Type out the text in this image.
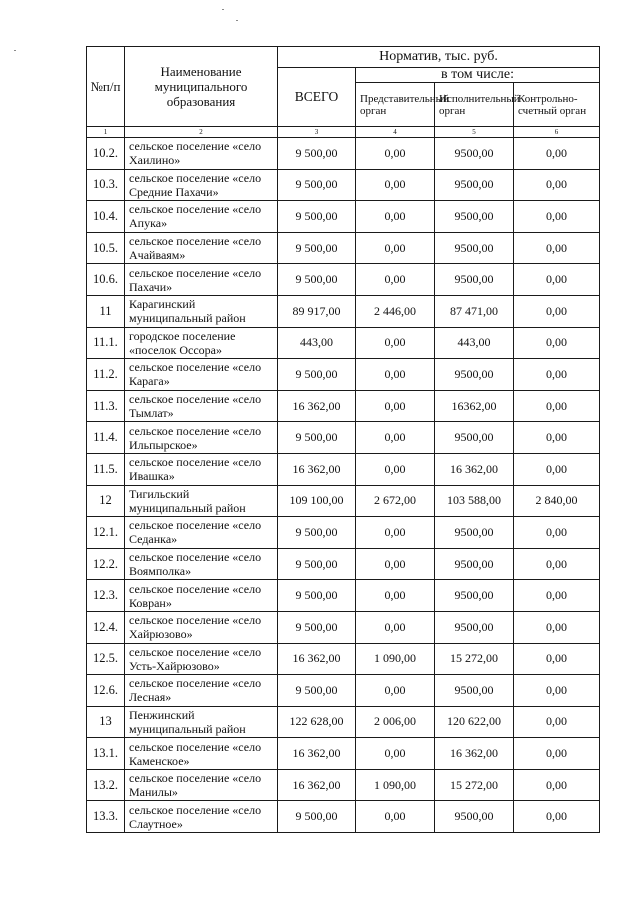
№п/п	Наименование муниципального образования	Норматив, тыс. руб.			
		ВСЕГО	в том числе:		
			Представительный орган	Исполнительный орган	Контрольно-счетный орган
1	2	3	4	5	6
10.2.	сельское поселение «село Хаилино»	9 500,00	0,00	9500,00	0,00
10.3.	сельское поселение «село Средние Пахачи»	9 500,00	0,00	9500,00	0,00
10.4.	сельское поселение «село Апука»	9 500,00	0,00	9500,00	0,00
10.5.	сельское поселение «село Ачайваям»	9 500,00	0,00	9500,00	0,00
10.6.	сельское поселение «село Пахачи»	9 500,00	0,00	9500,00	0,00
11	Карагинский муниципальный район	89 917,00	2 446,00	87 471,00	0,00
11.1.	городское поселение «поселок Оссора»	443,00	0,00	443,00	0,00
11.2.	сельское поселение «село Карага»	9 500,00	0,00	9500,00	0,00
11.3.	сельское поселение «село Тымлат»	16 362,00	0,00	16362,00	0,00
11.4.	сельское поселение «село Ильпырское»	9 500,00	0,00	9500,00	0,00
11.5.	сельское поселение «село Ивашка»	16 362,00	0,00	16 362,00	0,00
12	Тигильский муниципальный район	109 100,00	2 672,00	103 588,00	2 840,00
12.1.	сельское поселение «село Седанка»	9 500,00	0,00	9500,00	0,00
12.2.	сельское поселение «село Воямполка»	9 500,00	0,00	9500,00	0,00
12.3.	сельское поселение «село Ковран»	9 500,00	0,00	9500,00	0,00
12.4.	сельское поселение «село Хайрюзово»	9 500,00	0,00	9500,00	0,00
12.5.	сельское поселение «село Усть-Хайрюзово»	16 362,00	1 090,00	15 272,00	0,00
12.6.	сельское поселение «село Лесная»	9 500,00	0,00	9500,00	0,00
13	Пенжинский муниципальный район	122 628,00	2 006,00	120 622,00	0,00
13.1.	сельское поселение «село Каменское»	16 362,00	0,00	16 362,00	0,00
13.2.	сельское поселение «село Манилы»	16 362,00	1 090,00	15 272,00	0,00
13.3.	сельское поселение «село Слаутное»	9 500,00	0,00	9500,00	0,00
